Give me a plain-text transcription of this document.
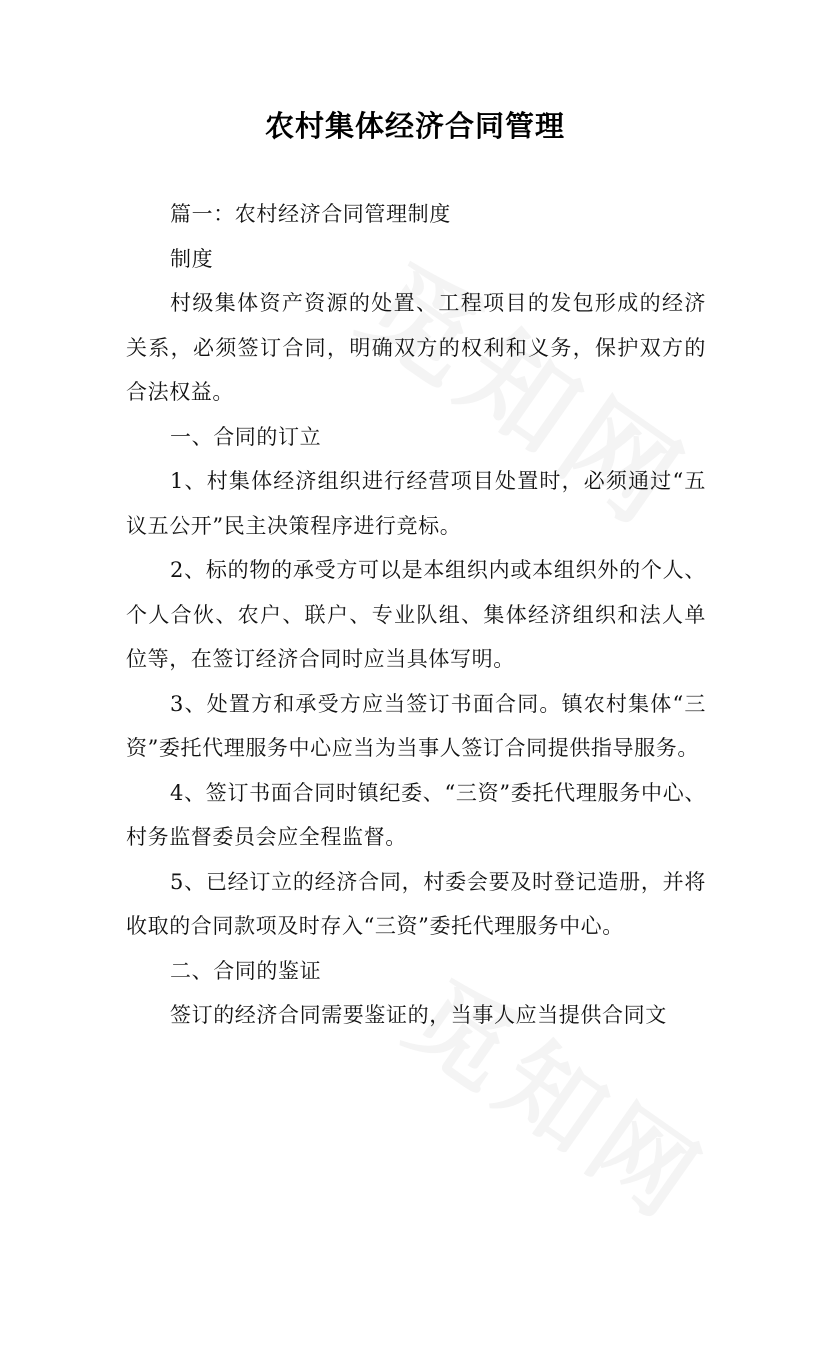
农村集体经济合同管理

篇一：农村经济合同管理制度

制度

村级集体资产资源的处置、工程项目的发包形成的经济关系，必须签订合同，明确双方的权利和义务，保护双方的合法权益。

一、合同的订立

1、村集体经济组织进行经营项目处置时，必须通过“五议五公开”民主决策程序进行竞标。

2、标的物的承受方可以是本组织内或本组织外的个人、个人合伙、农户、联户、专业队组、集体经济组织和法人单位等，在签订经济合同时应当具体写明。

3、处置方和承受方应当签订书面合同。镇农村集体“三资”委托代理服务中心应当为当事人签订合同提供指导服务。

4、签订书面合同时镇纪委、“三资”委托代理服务中心、村务监督委员会应全程监督。

5、已经订立的经济合同，村委会要及时登记造册，并将收取的合同款项及时存入“三资”委托代理服务中心。

二、合同的鉴证

签订的经济合同需要鉴证的，当事人应当提供合同文
